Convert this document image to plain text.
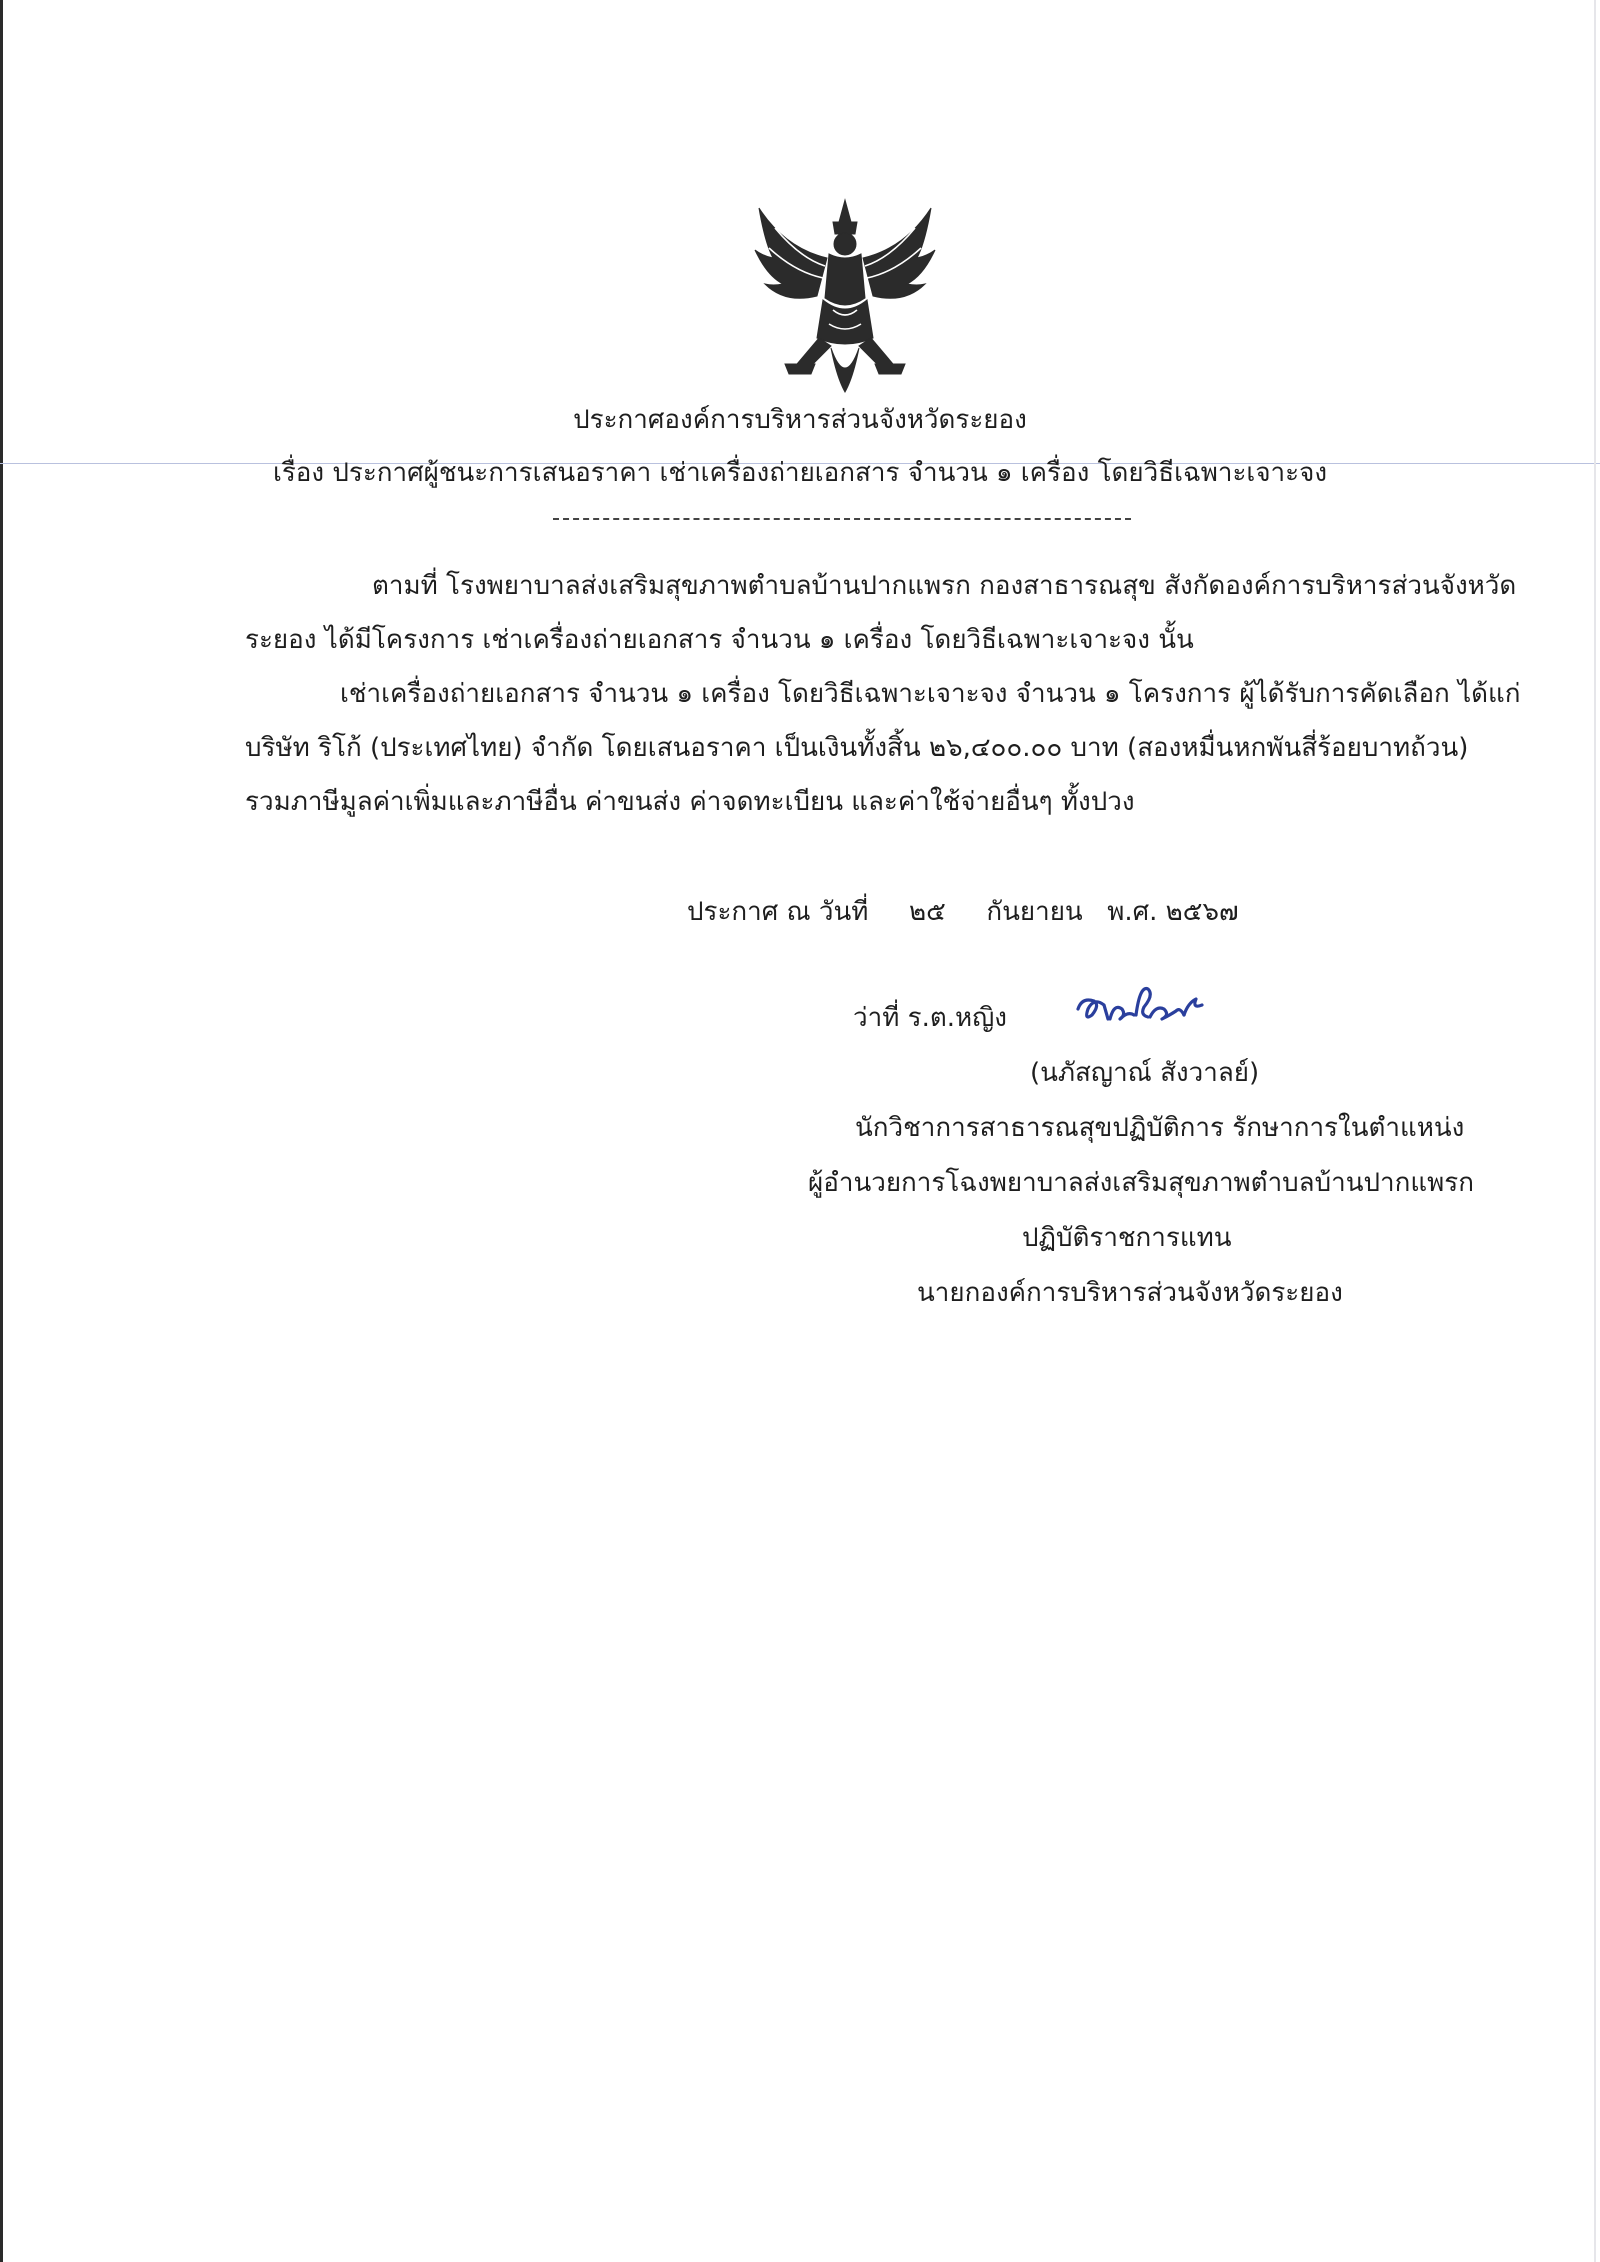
ประกาศองค์การบริหารส่วนจังหวัดระยอง
เรื่อง ประกาศผู้ชนะการเสนอราคา เช่าเครื่องถ่ายเอกสาร จำนวน ๑ เครื่อง โดยวิธีเฉพาะเจาะจง
ตามที่ โรงพยาบาลส่งเสริมสุขภาพตำบลบ้านปากแพรก กองสาธารณสุข สังกัดองค์การบริหารส่วนจังหวัด
ระยอง ได้มีโครงการ เช่าเครื่องถ่ายเอกสาร จำนวน ๑ เครื่อง โดยวิธีเฉพาะเจาะจง นั้น
เช่าเครื่องถ่ายเอกสาร จำนวน ๑ เครื่อง โดยวิธีเฉพาะเจาะจง จำนวน ๑ โครงการ ผู้ได้รับการคัดเลือก ได้แก่
บริษัท ริโก้ (ประเทศไทย) จำกัด โดยเสนอราคา เป็นเงินทั้งสิ้น ๒๖,๔๐๐.๐๐ บาท (สองหมื่นหกพันสี่ร้อยบาทถ้วน)
รวมภาษีมูลค่าเพิ่มและภาษีอื่น ค่าขนส่ง ค่าจดทะเบียน และค่าใช้จ่ายอื่นๆ ทั้งปวง
ประกาศ ณ วันที่ ๒๕ กันยายน พ.ศ. ๒๕๖๗
ว่าที่ ร.ต.หญิง
(นภัสญาณ์ สังวาลย์)
นักวิชาการสาธารณสุขปฏิบัติการ รักษาการในตำแหน่ง
ผู้อำนวยการโฉงพยาบาลส่งเสริมสุขภาพตำบลบ้านปากแพรก
ปฏิบัติราชการแทน
นายกองค์การบริหารส่วนจังหวัดระยอง
